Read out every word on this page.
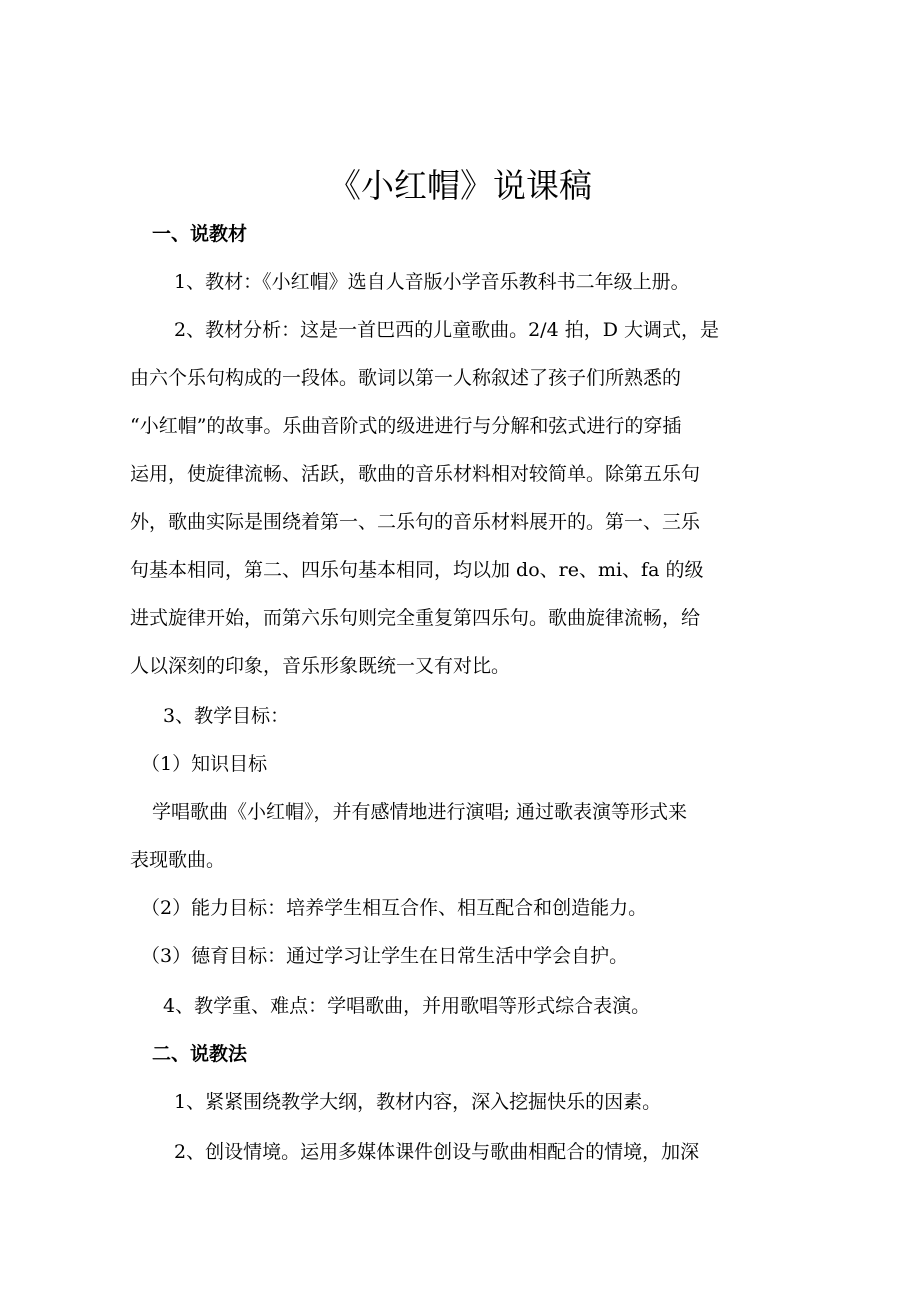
《小红帽》说课稿
一、说教材
1、教材：《小红帽》选自人音版小学音乐教科书二年级上册。
2、教材分析：这是一首巴西的儿童歌曲。2/4 拍，D 大调式，是
由六个乐句构成的一段体。歌词以第一人称叙述了孩子们所熟悉的
“小红帽”的故事。乐曲音阶式的级进进行与分解和弦式进行的穿插
运用，使旋律流畅、活跃，歌曲的音乐材料相对较简单。除第五乐句
外，歌曲实际是围绕着第一、二乐句的音乐材料展开的。第一、三乐
句基本相同，第二、四乐句基本相同，均以加 do、re、mi、fa 的级
进式旋律开始，而第六乐句则完全重复第四乐句。歌曲旋律流畅，给
人以深刻的印象，音乐形象既统一又有对比。
3、教学目标：
（1）知识目标
学唱歌曲《小红帽》，并有感情地进行演唱; 通过歌表演等形式来
表现歌曲。
（2）能力目标：培养学生相互合作、相互配合和创造能力。
（3）德育目标：通过学习让学生在日常生活中学会自护。
4、教学重、难点：学唱歌曲，并用歌唱等形式综合表演。
二、说教法
1、紧紧围绕教学大纲，教材内容，深入挖掘快乐的因素。
2、创设情境。运用多媒体课件创设与歌曲相配合的情境，加深
